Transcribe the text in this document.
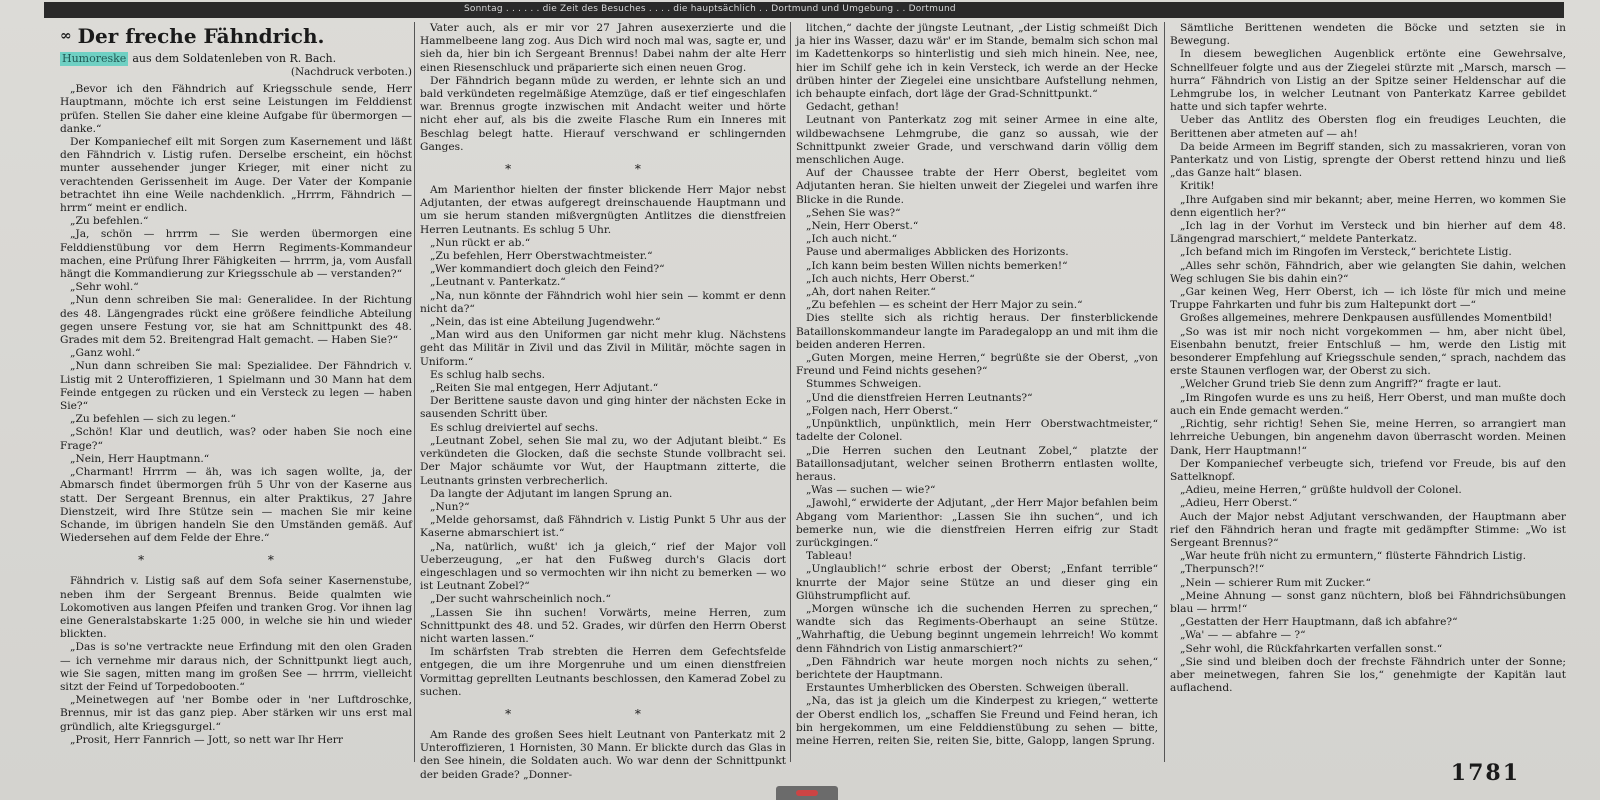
Sonntag . . . . . . die Zeit des Besuches . . . . die hauptsächlich . . Dortmund und Umgebung . . Dortmund
∞ Der freche Fähndrich.
Humoreske aus dem Soldatenleben von R. Bach.
(Nachdruck verboten.)

„Bevor ich den Fähndrich auf Kriegsschule sende, Herr Hauptmann, möchte ich erst seine Leistungen im Felddienst prüfen. Stellen Sie daher eine kleine Aufgabe für übermorgen — danke.“

Der Kompaniechef eilt mit Sorgen zum Kasernement und läßt den Fähndrich v. Listig rufen. Derselbe erscheint, ein höchst munter aussehender junger Krieger, mit einer nicht zu verachtenden Gerissenheit im Auge. Der Vater der Kompanie betrachtet ihn eine Weile nachdenklich. „Hrrrm, Fähndrich — hrrm“ meint er endlich.

„Zu befehlen.“

„Ja, schön — hrrrm — Sie werden übermorgen eine Felddienstübung vor dem Herrn Regiments-Kommandeur machen, eine Prüfung Ihrer Fähigkeiten — hrrrm, ja, vom Ausfall hängt die Kommandierung zur Kriegsschule ab — verstanden?“

„Sehr wohl.“

„Nun denn schreiben Sie mal: Generalidee. In der Richtung des 48. Längengrades rückt eine größere feindliche Abteilung gegen unsere Festung vor, sie hat am Schnittpunkt des 48. Grades mit dem 52. Breitengrad Halt gemacht. — Haben Sie?“

„Ganz wohl.“

„Nun dann schreiben Sie mal: Spezialidee. Der Fähndrich v. Listig mit 2 Unteroffizieren, 1 Spielmann und 30 Mann hat dem Feinde entgegen zu rücken und ein Versteck zu legen — haben Sie?“

„Zu befehlen — sich zu legen.“

„Schön! Klar und deutlich, was? oder haben Sie noch eine Frage?“

„Nein, Herr Hauptmann.“

„Charmant! Hrrrm — äh, was ich sagen wollte, ja, der Abmarsch findet übermorgen früh 5 Uhr von der Kaserne aus statt. Der Sergeant Brennus, ein alter Praktikus, 27 Jahre Dienstzeit, wird Ihre Stütze sein — machen Sie mir keine Schande, im übrigen handeln Sie den Umständen gemäß. Auf Wiedersehen auf dem Felde der Ehre.“

* *

Fähndrich v. Listig saß auf dem Sofa seiner Kasernenstube, neben ihm der Sergeant Brennus. Beide qualmten wie Lokomotiven aus langen Pfeifen und tranken Grog. Vor ihnen lag eine Generalstabskarte 1:25 000, in welche sie hin und wieder blickten.

„Das is so'ne vertrackte neue Erfindung mit den olen Graden — ich vernehme mir daraus nich, der Schnittpunkt liegt auch, wie Sie sagen, mitten mang im großen See — hrrrm, vielleicht sitzt der Feind uf Torpedobooten.“

„Meinetwegen auf 'ner Bombe oder in 'ner Luftdroschke, Brennus, mir ist das ganz piep. Aber stärken wir uns erst mal gründlich, alte Kriegsgurgel.“

„Prosit, Herr Fannrich — Jott, so nett war Ihr Herr

Vater auch, als er mir vor 27 Jahren ausexerzierte und die Hammelbeene lang zog. Aus Dich wird noch mal was, sagte er, und sieh da, hier bin ich Sergeant Brennus! Dabei nahm der alte Herr einen Riesenschluck und präparierte sich einen neuen Grog.

Der Fähndrich begann müde zu werden, er lehnte sich an und bald verkündeten regelmäßige Atemzüge, daß er tief eingeschlafen war. Brennus grogte inzwischen mit Andacht weiter und hörte nicht eher auf, als bis die zweite Flasche Rum ein Inneres mit Beschlag belegt hatte. Hierauf verschwand er schlingernden Ganges.

* *

Am Marienthor hielten der finster blickende Herr Major nebst Adjutanten, der etwas aufgeregt dreinschauende Hauptmann und um sie herum standen mißvergnügten Antlitzes die dienstfreien Herren Leutnants. Es schlug 5 Uhr.

„Nun rückt er ab.“

„Zu befehlen, Herr Oberstwachtmeister.“

„Wer kommandiert doch gleich den Feind?“

„Leutnant v. Panterkatz.“

„Na, nun könnte der Fähndrich wohl hier sein — kommt er denn nicht da?“

„Nein, das ist eine Abteilung Jugendwehr.“

„Man wird aus den Uniformen gar nicht mehr klug. Nächstens geht das Militär in Zivil und das Zivil in Militär, möchte sagen in Uniform.“

Es schlug halb sechs.

„Reiten Sie mal entgegen, Herr Adjutant.“

Der Berittene sauste davon und ging hinter der nächsten Ecke in sausenden Schritt über.

Es schlug dreiviertel auf sechs.

„Leutnant Zobel, sehen Sie mal zu, wo der Adjutant bleibt.“ Es verkündeten die Glocken, daß die sechste Stunde vollbracht sei. Der Major schäumte vor Wut, der Hauptmann zitterte, die Leutnants grinsten verbrecherlich.

Da langte der Adjutant im langen Sprung an.

„Nun?“

„Melde gehorsamst, daß Fähndrich v. Listig Punkt 5 Uhr aus der Kaserne abmarschiert ist.“

„Na, natürlich, wußt' ich ja gleich,“ rief der Major voll Ueberzeugung, „er hat den Fußweg durch's Glacis dort eingeschlagen und so vermochten wir ihn nicht zu bemerken — wo ist Leutnant Zobel?“

„Der sucht wahrscheinlich noch.“

„Lassen Sie ihn suchen! Vorwärts, meine Herren, zum Schnittpunkt des 48. und 52. Grades, wir dürfen den Herrn Oberst nicht warten lassen.“

Im schärfsten Trab strebten die Herren dem Gefechtsfelde entgegen, die um ihre Morgenruhe und um einen dienstfreien Vormittag geprellten Leutnants beschlossen, den Kamerad Zobel zu suchen.

* *

Am Rande des großen Sees hielt Leutnant von Panterkatz mit 2 Unteroffizieren, 1 Hornisten, 30 Mann. Er blickte durch das Glas in den See hinein, die Soldaten auch. Wo war denn der Schnittpunkt der beiden Grade? „Donner-

litchen,“ dachte der jüngste Leutnant, „der Listig schmeißt Dich ja hier ins Wasser, dazu wär' er im Stande, bemalm sich schon mal im Kadettenkorps so hinterlistig und sieh mich hinein. Nee, nee, hier im Schilf gehe ich in kein Versteck, ich werde an der Hecke drüben hinter der Ziegelei eine unsichtbare Aufstellung nehmen, ich behaupte einfach, dort läge der Grad-Schnittpunkt.“

Gedacht, gethan!

Leutnant von Panterkatz zog mit seiner Armee in eine alte, wildbewachsene Lehmgrube, die ganz so aussah, wie der Schnittpunkt zweier Grade, und verschwand darin völlig dem menschlichen Auge.

Auf der Chaussee trabte der Herr Oberst, begleitet vom Adjutanten heran. Sie hielten unweit der Ziegelei und warfen ihre Blicke in die Runde.

„Sehen Sie was?“

„Nein, Herr Oberst.“

„Ich auch nicht.“

Pause und abermaliges Abblicken des Horizonts.

„Ich kann beim besten Willen nichts bemerken!“

„Ich auch nichts, Herr Oberst.“

„Ah, dort nahen Reiter.“

„Zu befehlen — es scheint der Herr Major zu sein.“

Dies stellte sich als richtig heraus. Der finsterblickende Bataillonskommandeur langte im Paradegalopp an und mit ihm die beiden anderen Herren.

„Guten Morgen, meine Herren,“ begrüßte sie der Oberst, „von Freund und Feind nichts gesehen?“

Stummes Schweigen.

„Und die dienstfreien Herren Leutnants?“

„Folgen nach, Herr Oberst.“

„Unpünktlich, unpünktlich, mein Herr Oberstwachtmeister,“ tadelte der Colonel.

„Die Herren suchen den Leutnant Zobel,“ platzte der Bataillonsadjutant, welcher seinen Brotherrn entlasten wollte, heraus.

„Was — suchen — wie?“

„Jawohl,“ erwiderte der Adjutant, „der Herr Major befahlen beim Abgang vom Marienthor: „Lassen Sie ihn suchen“, und ich bemerke nun, wie die dienstfreien Herren eifrig zur Stadt zurückgingen.“

Tableau!

„Unglaublich!“ schrie erbost der Oberst; „Enfant terrible“ knurrte der Major seine Stütze an und dieser ging ein Glühstrumpflicht auf.

„Morgen wünsche ich die suchenden Herren zu sprechen,“ wandte sich das Regiments-Oberhaupt an seine Stütze. „Wahrhaftig, die Uebung beginnt ungemein lehrreich! Wo kommt denn Fähndrich von Listig anmarschiert?“

„Den Fähndrich war heute morgen noch nichts zu sehen,“ berichtete der Hauptmann.

Erstauntes Umherblicken des Obersten. Schweigen überall.

„Na, das ist ja gleich um die Kinderpest zu kriegen,“ wetterte der Oberst endlich los, „schaffen Sie Freund und Feind heran, ich bin hergekommen, um eine Felddienstübung zu sehen — bitte, meine Herren, reiten Sie, reiten Sie, bitte, Galopp, langen Sprung.

Sämtliche Berittenen wendeten die Böcke und setzten sie in Bewegung.

In diesem beweglichen Augenblick ertönte eine Gewehrsalve, Schnellfeuer folgte und aus der Ziegelei stürzte mit „Marsch, marsch — hurra“ Fähndrich von Listig an der Spitze seiner Heldenschar auf die Lehmgrube los, in welcher Leutnant von Panterkatz Karree gebildet hatte und sich tapfer wehrte.

Ueber das Antlitz des Obersten flog ein freudiges Leuchten, die Berittenen aber atmeten auf — ah!

Da beide Armeen im Begriff standen, sich zu massakrieren, voran von Panterkatz und von Listig, sprengte der Oberst rettend hinzu und ließ „das Ganze halt“ blasen.

Kritik!

„Ihre Aufgaben sind mir bekannt; aber, meine Herren, wo kommen Sie denn eigentlich her?“

„Ich lag in der Vorhut im Versteck und bin hierher auf dem 48. Längengrad marschiert,“ meldete Panterkatz.

„Ich befand mich im Ringofen im Versteck,“ berichtete Listig.

„Alles sehr schön, Fähndrich, aber wie gelangten Sie dahin, welchen Weg schlugen Sie bis dahin ein?“

„Gar keinen Weg, Herr Oberst, ich — ich löste für mich und meine Truppe Fahrkarten und fuhr bis zum Haltepunkt dort —“

Großes allgemeines, mehrere Denkpausen ausfüllendes Momentbild!

„So was ist mir noch nicht vorgekommen — hm, aber nicht übel, Eisenbahn benutzt, freier Entschluß — hm, werde den Listig mit besonderer Empfehlung auf Kriegsschule senden,“ sprach, nachdem das erste Staunen verflogen war, der Oberst zu sich.

„Welcher Grund trieb Sie denn zum Angriff?“ fragte er laut.

„Im Ringofen wurde es uns zu heiß, Herr Oberst, und man mußte doch auch ein Ende gemacht werden.“

„Richtig, sehr richtig! Sehen Sie, meine Herren, so arrangiert man lehrreiche Uebungen, bin angenehm davon überrascht worden. Meinen Dank, Herr Hauptmann!“

Der Kompaniechef verbeugte sich, triefend vor Freude, bis auf den Sattelknopf.

„Adieu, meine Herren,“ grüßte huldvoll der Colonel.

„Adieu, Herr Oberst.“

Auch der Major nebst Adjutant verschwanden, der Hauptmann aber rief den Fähndrich heran und fragte mit gedämpfter Stimme: „Wo ist Sergeant Brennus?“

„War heute früh nicht zu ermuntern,“ flüsterte Fähndrich Listig.

„Therpunsch?!“

„Nein — schierer Rum mit Zucker.“

„Meine Ahnung — sonst ganz nüchtern, bloß bei Fähndrichsübungen blau — hrrm!“

„Gestatten der Herr Hauptmann, daß ich abfahre?“

„Wa' — — abfahre — ?“

„Sehr wohl, die Rückfahrkarten verfallen sonst.“

„Sie sind und bleiben doch der frechste Fähndrich unter der Sonne; aber meinetwegen, fahren Sie los,“ genehmigte der Kapitän laut auflachend.

1781
